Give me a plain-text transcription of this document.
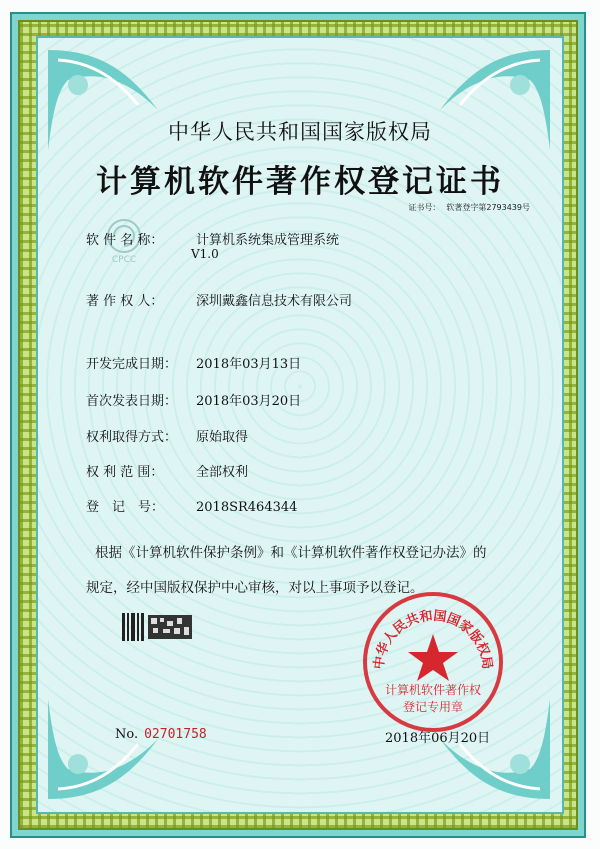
CPCC
中华人民共和国国家版权局
计算机软件著作权登记证书
证书号： 软著登字第2793439号
软 件 名 称：	计算机系统集成管理系统
V1.0
著 作 权 人：	深圳戴鑫信息技术有限公司
开发完成日期： 2018年03月13日
首次发表日期： 2018年03月20日
权利取得方式： 原始取得
权 利 范 围：	全部权利
登　记　号： 2018SR464344
根据《计算机软件保护条例》和《计算机软件著作权登记办法》的
规定，经中国版权保护中心审核，对以上事项予以登记。
No. 02701758	2018年06月20日
中华人民共和国国家版权局
计算机软件著作权
登记专用章
